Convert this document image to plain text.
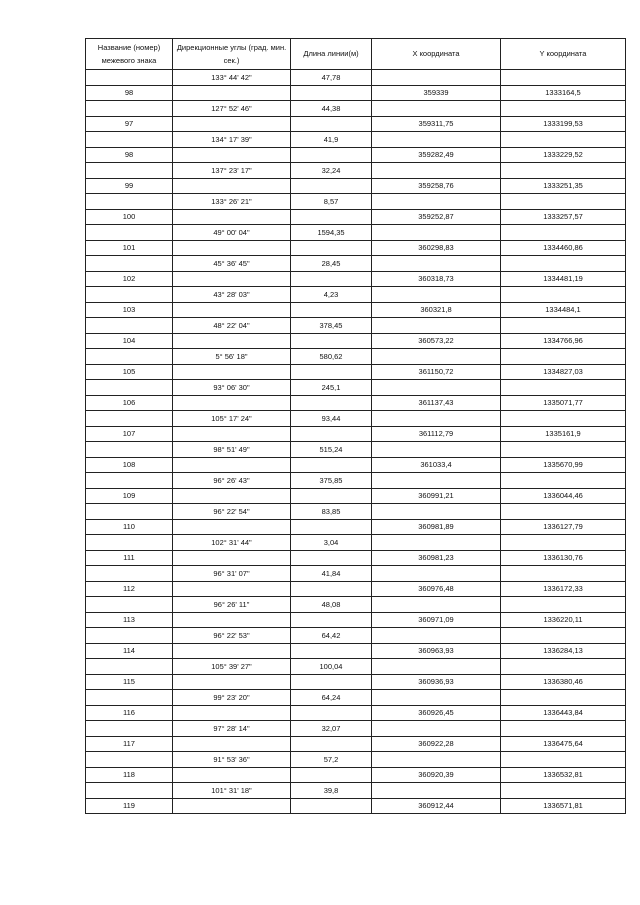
Название (номер) межевого знака	Дирекционные углы (град. мин. сек.)	Длина линии(м)	X координата	Y координата
	133° 44' 42"	47,78		
98			359339	1333164,5
	127° 52' 46"	44,38		
97			359311,75	1333199,53
	134° 17' 39"	41,9		
98			359282,49	1333229,52
	137° 23' 17"	32,24		
99			359258,76	1333251,35
	133° 26' 21"	8,57		
100			359252,87	1333257,57
	49° 00' 04"	1594,35		
101			360298,83	1334460,86
	45° 36' 45"	28,45		
102			360318,73	1334481,19
	43° 28' 03"	4,23		
103			360321,8	1334484,1
	48° 22' 04"	378,45		
104			360573,22	1334766,96
	5° 56' 18"	580,62		
105			361150,72	1334827,03
	93° 06' 30"	245,1		
106			361137,43	1335071,77
	105° 17' 24"	93,44		
107			361112,79	1335161,9
	98° 51' 49"	515,24		
108			361033,4	1335670,99
	96° 26' 43"	375,85		
109			360991,21	1336044,46
	96° 22' 54"	83,85		
110			360981,89	1336127,79
	102° 31' 44"	3,04		
111			360981,23	1336130,76
	96° 31' 07"	41,84		
112			360976,48	1336172,33
	96° 26' 11"	48,08		
113			360971,09	1336220,11
	96° 22' 53"	64,42		
114			360963,93	1336284,13
	105° 39' 27"	100,04		
115			360936,93	1336380,46
	99° 23' 20"	64,24		
116			360926,45	1336443,84
	97° 28' 14"	32,07		
117			360922,28	1336475,64
	91° 53' 36"	57,2		
118			360920,39	1336532,81
	101° 31' 18"	39,8		
119			360912,44	1336571,81
